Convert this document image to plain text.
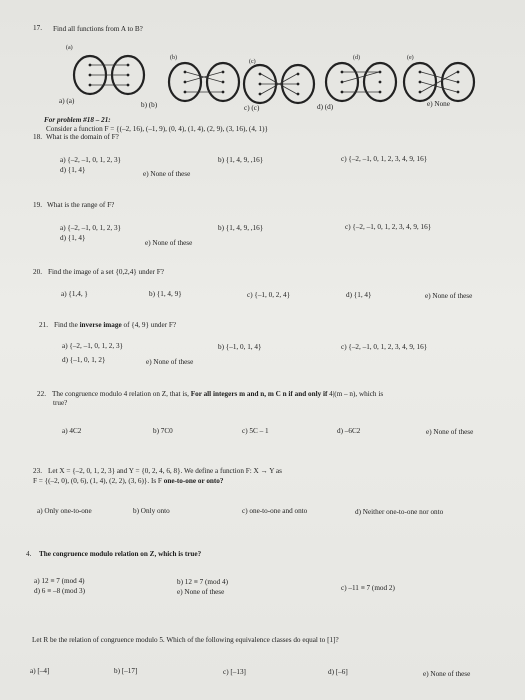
17. Find all functions from A to B?
(a)
(b)
(c)
(d)	(e)
a) (a)	b) (b)	c) (c)	d) (d)	e) None
For problem #18 – 21:
Consider a function F = {(–2, 16), (–1, 9), (0, 4), (1, 4), (2, 9), (3, 16), (4, 1)}
18. What is the domain of F?
a) {–2, –1, 0, 1, 2, 3}	b) {1, 4, 9, ,16}	c) {–2, –1, 0, 1, 2, 3, 4, 9, 16}
d) {1, 4}	e) None of these
19. What is the range of F?
a) {–2, –1, 0, 1, 2, 3}	b) {1, 4, 9, ,16}	c) {–2, –1, 0, 1, 2, 3, 4, 9, 16}
d) {1, 4}
e) None of these
20. Find the image of a set {0,2,4} under F?
a) {1,4, }	b) {1, 4, 9}	c) {–1, 0, 2, 4}	d) {1, 4}	e) None of these
21. Find the inverse image of {4, 9} under F?
a) {–2, –1, 0, 1, 2, 3}	b) {–1, 0, 1, 4}	c) {–2, –1, 0, 1, 2, 3, 4, 9, 16}
d) {–1, 0, 1, 2}	e) None of these
22. The congruence modulo 4 relation on Z, that is, For all integers m and n, m C n if and only if 4|(m – n), which is
true?
a) 4C2	b) 7C0	c) 5C – 1	d) –6C2	e) None of these
23. Let X = {–2, 0, 1, 2, 3} and Y = {0, 2, 4, 6, 8}. We define a function F: X → Y as
F = {(–2, 0), (0, 6), (1, 4), (2, 2), (3, 6)}. Is F one-to-one or onto?
a) Only one-to-one	b) Only onto	c) one-to-one and onto	d) Neither one-to-one nor onto
4. The congruence modulo relation on Z, which is true?
a) 12 ≡ 7 (mod 4)	b) 12 ≡ 7 (mod 4)
c) –11 ≡ 7 (mod 2)
d) 6 ≡ –8 (mod 3)	e) None of these
Let R be the relation of congruence modulo 5. Which of the following equivalence classes do equal to [1]?
a) [–4]	b) [–17]	c) [–13]	d) [–6]	e) None of these
